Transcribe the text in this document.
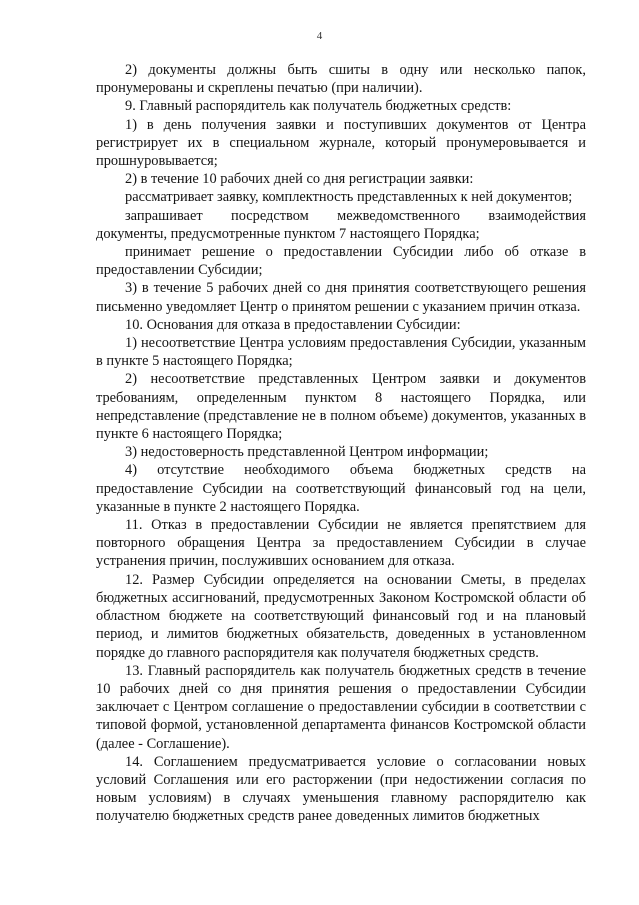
4

2) документы должны быть сшиты в одну или несколько папок, пронумерованы и скреплены печатью (при наличии).

9. Главный распорядитель как получатель бюджетных средств:

1) в день получения заявки и поступивших документов от Центра регистрирует их в специальном журнале, который пронумеровывается и прошнуровывается;

2) в течение 10 рабочих дней со дня регистрации заявки:

рассматривает заявку, комплектность представленных к ней документов;

запрашивает посредством межведомственного взаимодействия документы, предусмотренные пунктом 7 настоящего Порядка;

принимает решение о предоставлении Субсидии либо об отказе в предоставлении Субсидии;

3) в течение 5 рабочих дней со дня принятия соответствующего решения письменно уведомляет Центр о принятом решении с указанием причин отказа.

10. Основания для отказа в предоставлении Субсидии:

1) несоответствие Центра условиям предоставления Субсидии, указанным в пункте 5 настоящего Порядка;

2) несоответствие представленных Центром заявки и документов требованиям, определенным пунктом 8 настоящего Порядка, или непредставление (представление не в полном объеме) документов, указанных в пункте 6 настоящего Порядка;

3) недостоверность представленной Центром информации;

4) отсутствие необходимого объема бюджетных средств на предоставление Субсидии на соответствующий финансовый год на цели, указанные в пункте 2 настоящего Порядка.

11. Отказ в предоставлении Субсидии не является препятствием для повторного обращения Центра за предоставлением Субсидии в случае устранения причин, послуживших основанием для отказа.

12. Размер Субсидии определяется на основании Сметы, в пределах бюджетных ассигнований, предусмотренных Законом Костромской области об областном бюджете на соответствующий финансовый год и на плановый период, и лимитов бюджетных обязательств, доведенных в установленном порядке до главного распорядителя как получателя бюджетных средств.

13. Главный распорядитель как получатель бюджетных средств в течение 10 рабочих дней со дня принятия решения о предоставлении Субсидии заключает с Центром соглашение о предоставлении субсидии в соответствии с типовой формой, установленной департамента финансов Костромской области (далее - Соглашение).

14. Соглашением предусматривается условие о согласовании новых условий Соглашения или его расторжении (при недостижении согласия по новым условиям) в случаях уменьшения главному распорядителю как получателю бюджетных средств ранее доведенных лимитов бюджетных
